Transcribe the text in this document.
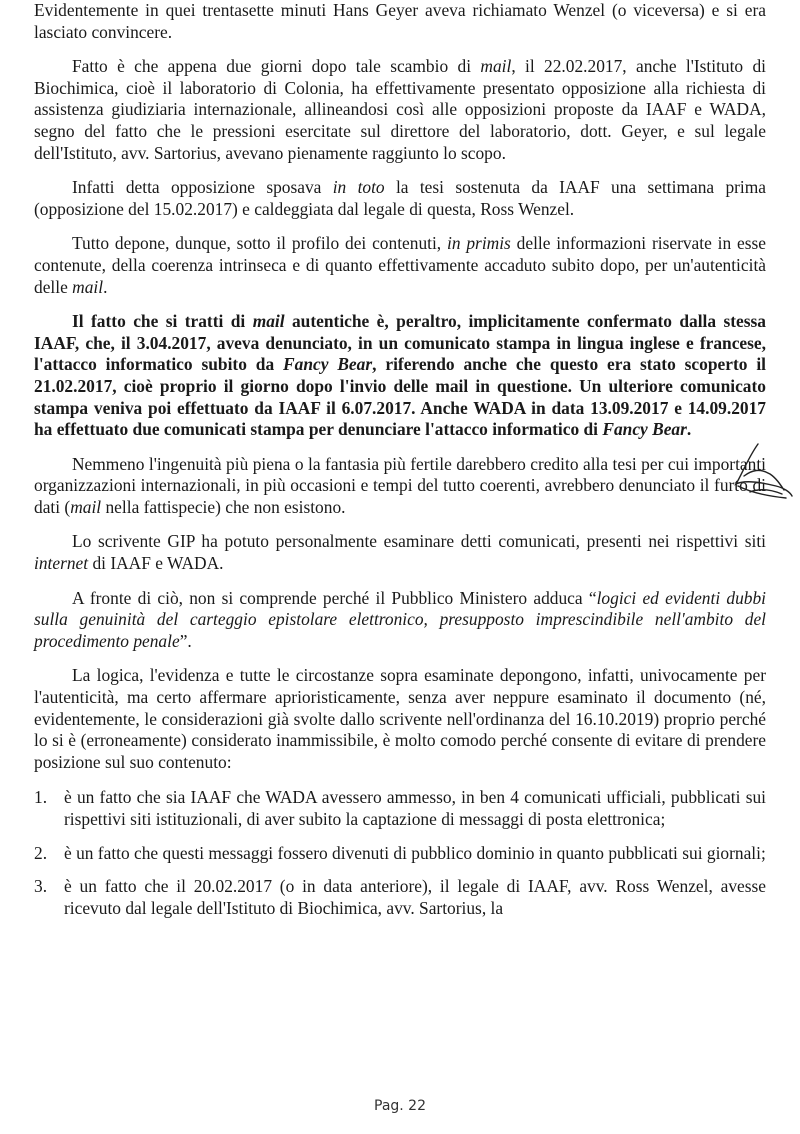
Evidentemente in quei trentasette minuti Hans Geyer aveva richiamato Wenzel (o viceversa) e si era lasciato convincere.

Fatto è che appena due giorni dopo tale scambio di mail, il 22.02.2017, anche l'Istituto di Biochimica, cioè il laboratorio di Colonia, ha effettivamente presentato opposizione alla richiesta di assistenza giudiziaria internazionale, allineandosi così alle opposizioni proposte da IAAF e WADA, segno del fatto che le pressioni esercitate sul direttore del laboratorio, dott. Geyer, e sul legale dell'Istituto, avv. Sartorius, avevano pienamente raggiunto lo scopo.

Infatti detta opposizione sposava in toto la tesi sostenuta da IAAF una settimana prima (opposizione del 15.02.2017) e caldeggiata dal legale di questa, Ross Wenzel.

Tutto depone, dunque, sotto il profilo dei contenuti, in primis delle informazioni riservate in esse contenute, della coerenza intrinseca e di quanto effettivamente accaduto subito dopo, per un'autenticità delle mail.

Il fatto che si tratti di mail autentiche è, peraltro, implicitamente confermato dalla stessa IAAF, che, il 3.04.2017, aveva denunciato, in un comunicato stampa in lingua inglese e francese, l'attacco informatico subito da Fancy Bear, riferendo anche che questo era stato scoperto il 21.02.2017, cioè proprio il giorno dopo l'invio delle mail in questione. Un ulteriore comunicato stampa veniva poi effettuato da IAAF il 6.07.2017. Anche WADA in data 13.09.2017 e 14.09.2017 ha effettuato due comunicati stampa per denunciare l'attacco informatico di Fancy Bear.

Nemmeno l'ingenuità più piena o la fantasia più fertile darebbero credito alla tesi per cui importanti organizzazioni internazionali, in più occasioni e tempi del tutto coerenti, avrebbero denunciato il furto di dati (mail nella fattispecie) che non esistono.

Lo scrivente GIP ha potuto personalmente esaminare detti comunicati, presenti nei rispettivi siti internet di IAAF e WADA.

A fronte di ciò, non si comprende perché il Pubblico Ministero adduca “logici ed evidenti dubbi sulla genuinità del carteggio epistolare elettronico, presupposto imprescindibile nell'ambito del procedimento penale”.

La logica, l'evidenza e tutte le circostanze sopra esaminate depongono, infatti, univocamente per l'autenticità, ma certo affermare aprioristicamente, senza aver neppure esaminato il documento (né, evidentemente, le considerazioni già svolte dallo scrivente nell'ordinanza del 16.10.2019) proprio perché lo si è (erroneamente) considerato inammissibile, è molto comodo perché consente di evitare di prendere posizione sul suo contenuto:

1. è un fatto che sia IAAF che WADA avessero ammesso, in ben 4 comunicati ufficiali, pubblicati sui rispettivi siti istituzionali, di aver subito la captazione di messaggi di posta elettronica;
2. è un fatto che questi messaggi fossero divenuti di pubblico dominio in quanto pubblicati sui giornali;
3. è un fatto che il 20.02.2017 (o in data anteriore), il legale di IAAF, avv. Ross Wenzel, avesse ricevuto dal legale dell'Istituto di Biochimica, avv. Sartorius, la
Pag. 22
